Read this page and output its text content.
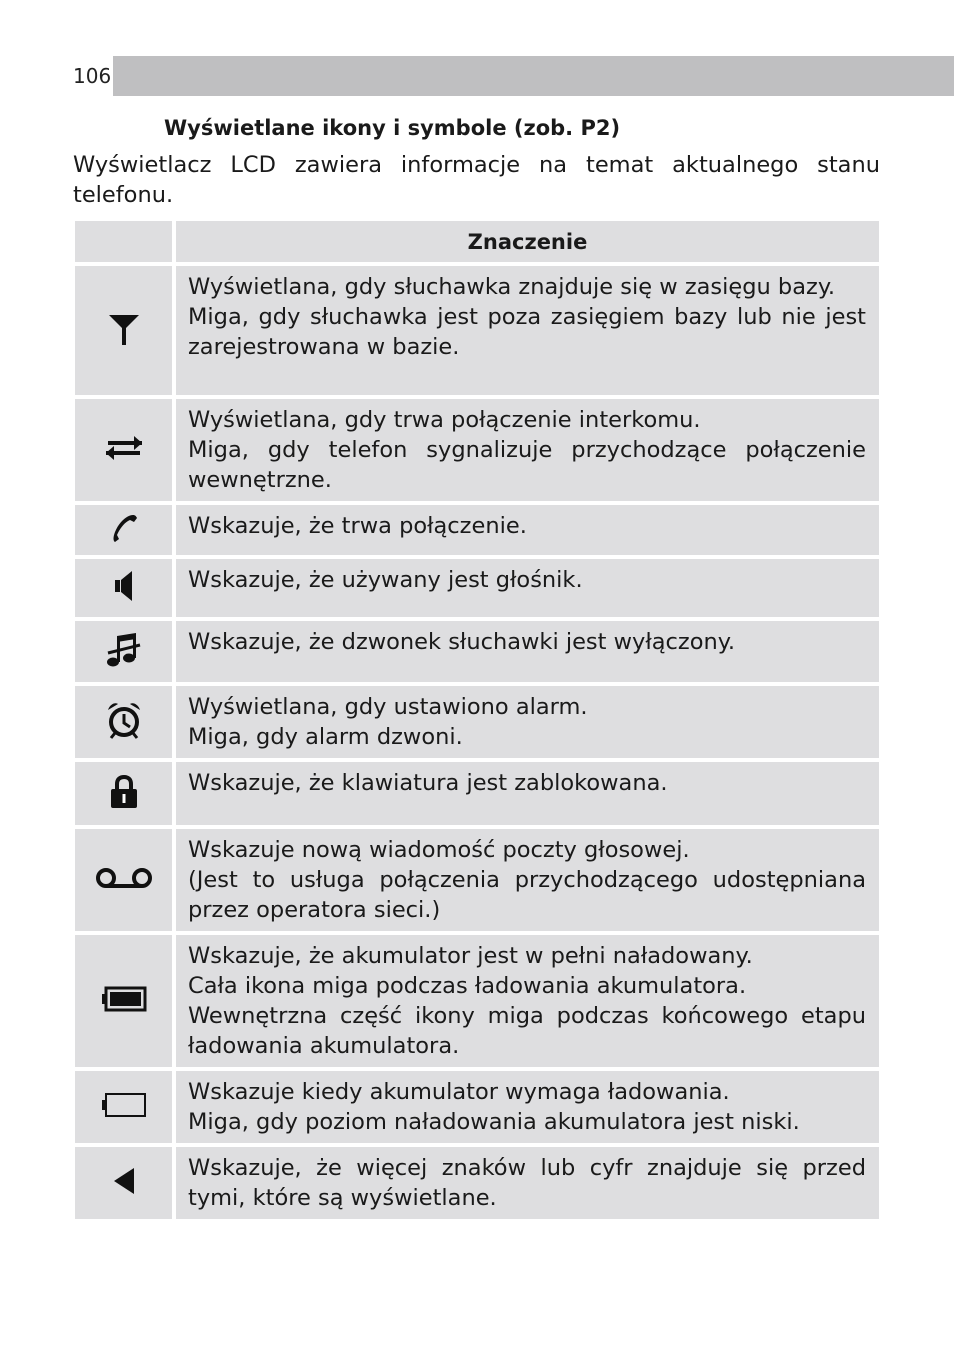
106
Wyświetlane ikony i symbole (zob. P2)
Wyświetlacz LCD zawiera informacje na temat aktualnego stanu telefonu.
	Znaczenie

Wyświetlana, gdy słuchawka znajduje się w zasięgu bazy.
Miga, gdy słuchawka jest poza zasięgiem bazy lub nie jest zarejestrowana w bazie.

Wyświetlana, gdy trwa połączenie interkomu.
Miga, gdy telefon sygnalizuje przychodzące połączenie wewnętrzne.

Wskazuje, że trwa połączenie.

Wskazuje, że używany jest głośnik.

Wskazuje, że dzwonek słuchawki jest wyłączony.

Wyświetlana, gdy ustawiono alarm.
Miga, gdy alarm dzwoni.

Wskazuje, że klawiatura jest zablokowana.

Wskazuje nową wiadomość poczty głosowej.
(Jest to usługa połączenia przychodzącego udostępniana przez operatora sieci.)

Wskazuje, że akumulator jest w pełni naładowany.
Cała ikona miga podczas ładowania akumulatora.
Wewnętrzna część ikony miga podczas końcowego etapu ładowania akumulatora.

Wskazuje kiedy akumulator wymaga ładowania.
Miga, gdy poziom naładowania akumulatora jest niski.

Wskazuje, że więcej znaków lub cyfr znajduje się przed tymi, które są wyświetlane.
